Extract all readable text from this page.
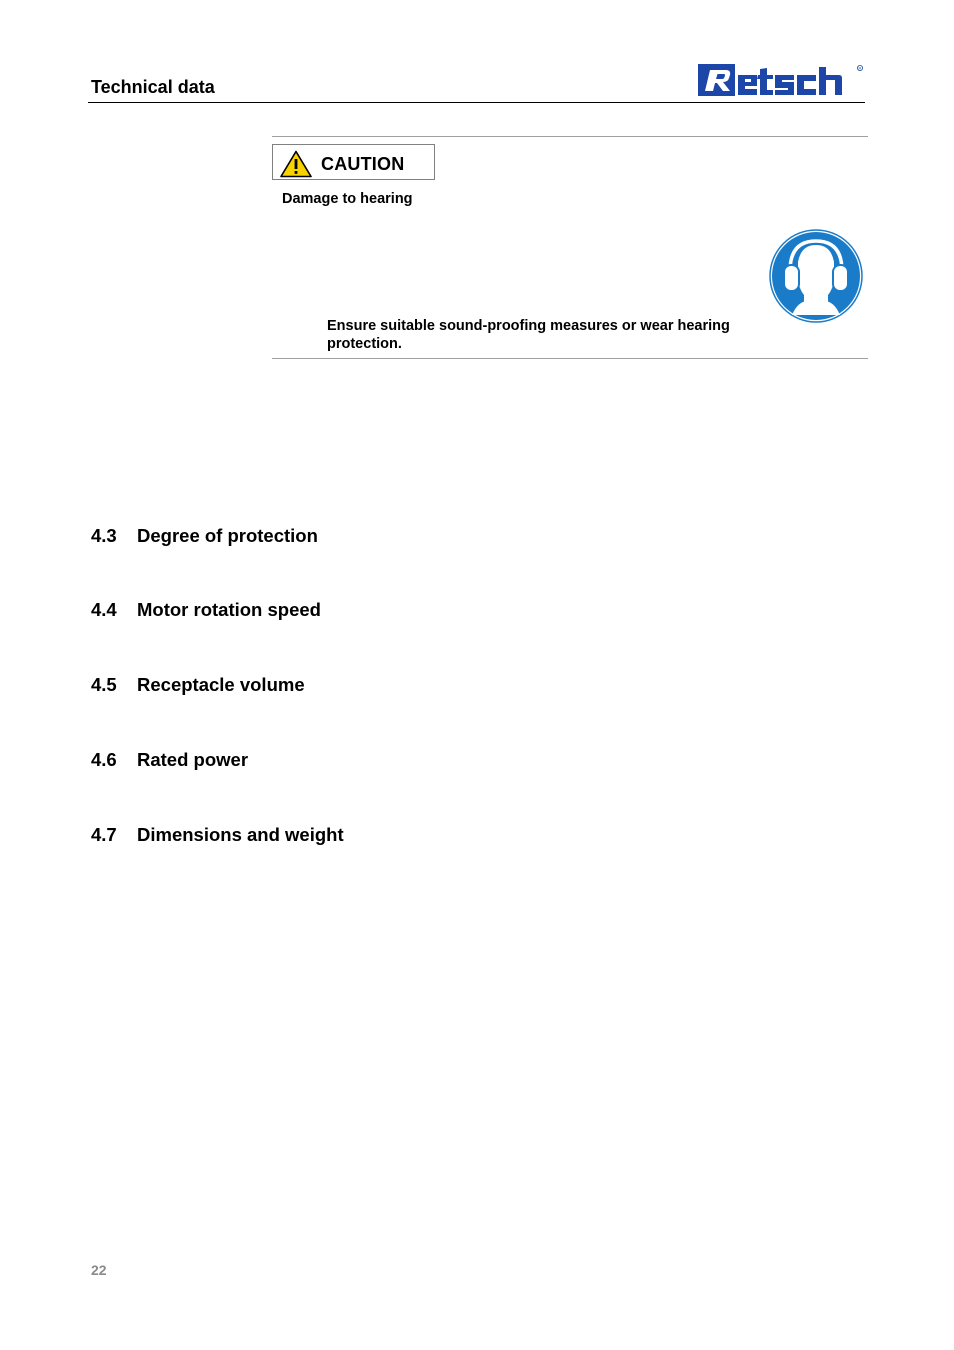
Technical data
R
CAUTION
Damage to hearing
Ensure suitable sound-proofing measures or wear hearing protection.
4.3 Degree of protection
4.4 Motor rotation speed
4.5 Receptacle volume
4.6 Rated power
4.7 Dimensions and weight
22
